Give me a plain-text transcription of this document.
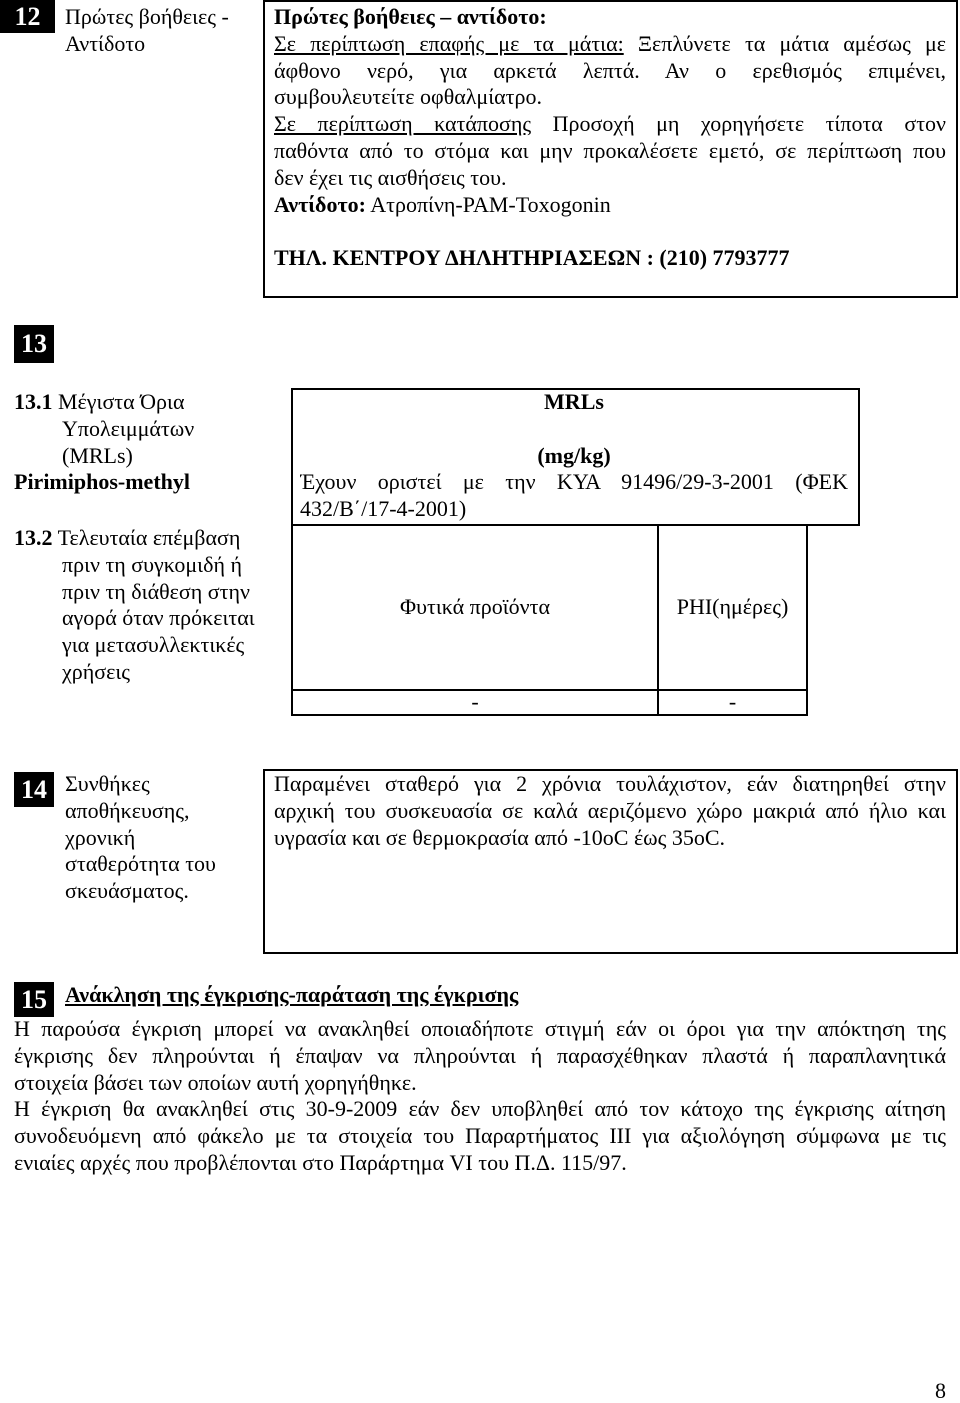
12	Πρώτες βοήθειες -
Αντίδοτο
Πρώτες βοήθειες – αντίδοτο:
Σε περίπτωση επαφής με τα μάτια: Ξεπλύνετε τα μάτια αμέσως με
άφθονο νερό, για αρκετά λεπτά. Αν ο ερεθισμός επιμένει,
συμβουλευτείτε οφθαλμίατρο.
Σε περίπτωση κατάποσης Προσοχή μη χορηγήσετε τίποτα στον
παθόντα από το στόμα και μην προκαλέσετε εμετό, σε περίπτωση που
δεν έχει τις αισθήσεις του.
Αντίδοτο: Ατροπίνη-PAM-Toxogonin
ΤΗΛ. ΚΕΝΤΡΟΥ ΔΗΛΗΤΗΡΙΑΣΕΩΝ : (210) 7793777
13
13.1 Μέγιστα Όρια
Υπολειμμάτων
(MRLs)
Pirimiphos-methyl
13.2 Τελευταία επέμβαση
πριν τη συγκομιδή ή
πριν τη διάθεση στην
αγορά όταν πρόκειται
για μετασυλλεκτικές
χρήσεις
MRLs
(mg/kg)
Έχουν οριστεί με την ΚΥΑ 91496/29-3-2001 (ΦΕΚ
432/Β΄/17-4-2001)
Φυτικά προϊόντα	PHI(ημέρες)
-	-
14 Συνθήκες
αποθήκευσης,
χρονική
σταθερότητα του
σκευάσματος.
Παραμένει σταθερό για 2 χρόνια τουλάχιστον, εάν διατηρηθεί στην
αρχική του συσκευασία σε καλά αεριζόμενο χώρο μακριά από ήλιο και
υγρασία και σε θερμοκρασία από -10oC έως 35oC.
15 Ανάκληση της έγκρισης-παράταση της έγκρισης
Η παρούσα έγκριση μπορεί να ανακληθεί οποιαδήποτε στιγμή εάν οι όροι για την απόκτηση της
έγκρισης δεν πληρούνται ή έπαψαν να πληρούνται ή παρασχέθηκαν πλαστά ή παραπλανητικά
στοιχεία βάσει των οποίων αυτή χορηγήθηκε.
Η έγκριση θα ανακληθεί στις 30-9-2009 εάν δεν υποβληθεί από τον κάτοχο της έγκρισης αίτηση
συνοδευόμενη από φάκελο με τα στοιχεία του Παραρτήματος ΙΙΙ για αξιολόγηση σύμφωνα με τις
ενιαίες αρχές που προβλέπονται στο Παράρτημα VI του Π.Δ. 115/97.
8
